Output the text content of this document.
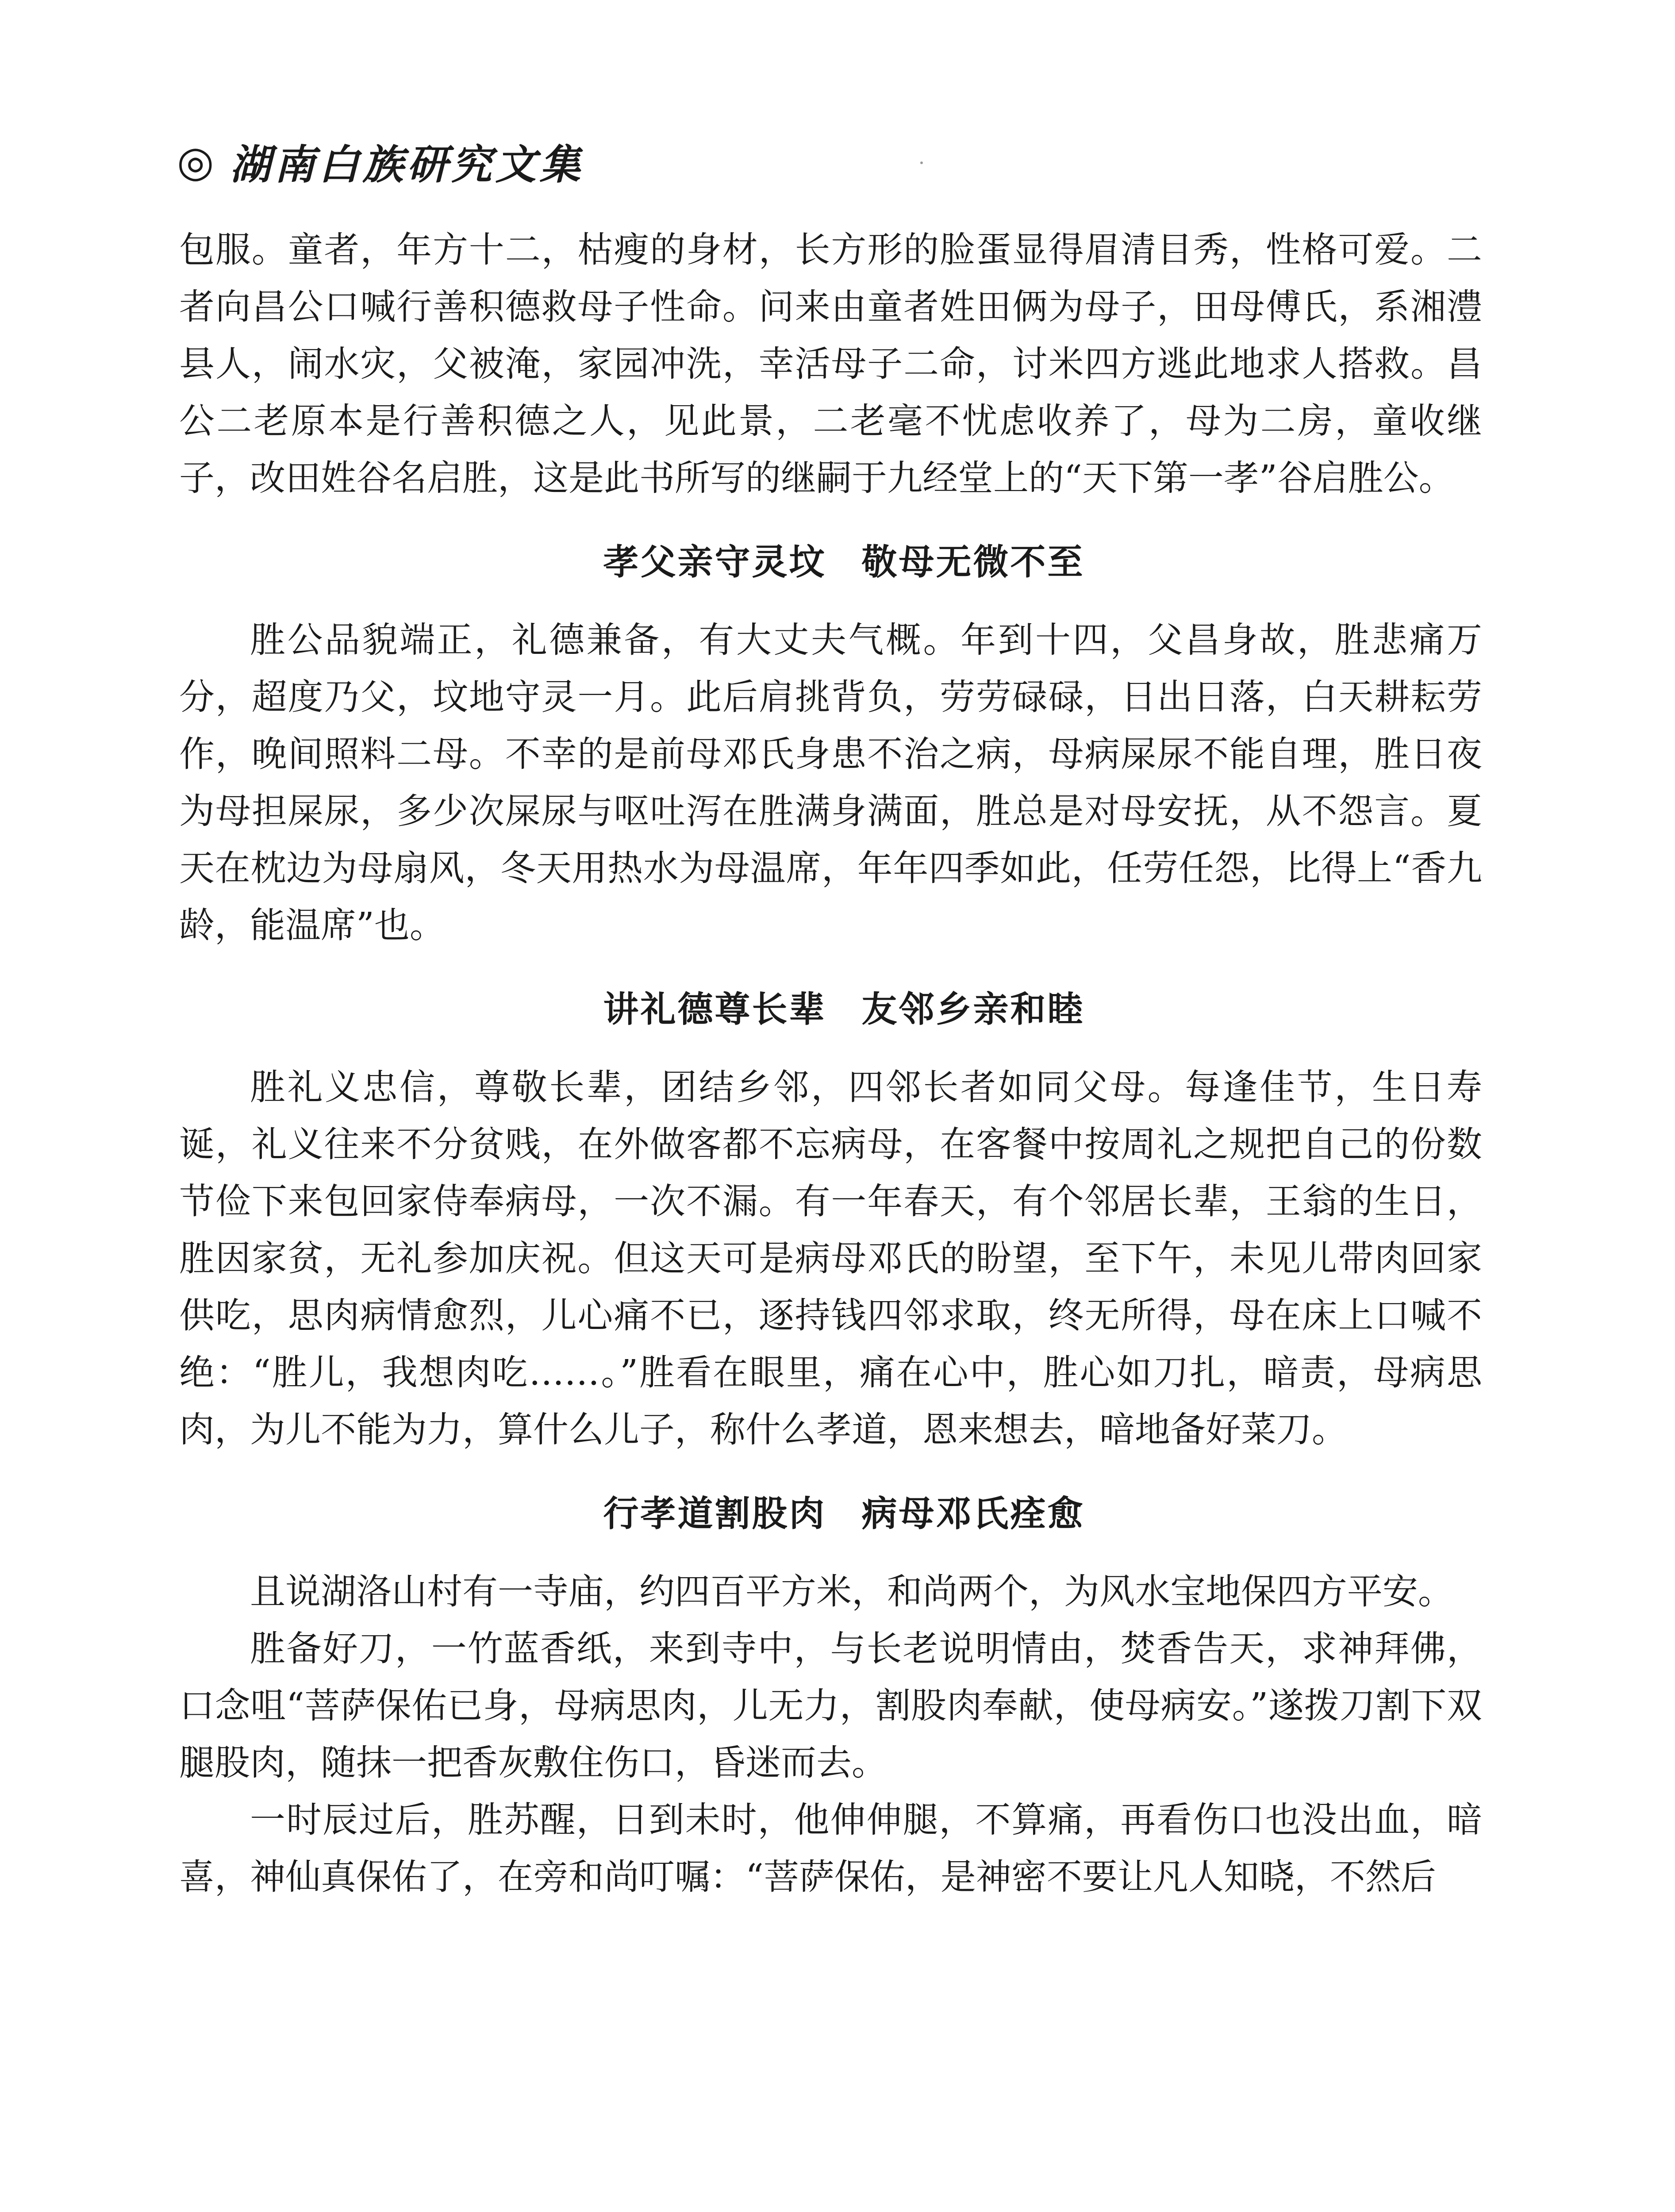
◎ 湖南白族研究文集

包服。童者，年方十二，枯瘦的身材，长方形的脸蛋显得眉清目秀，性格可爱。二者向昌公口喊行善积德救母子性命。问来由童者姓田俩为母子，田母傅氏，系湘澧县人，闹水灾，父被淹，家园冲洗，幸活母子二命，讨米四方逃此地求人搭救。昌公二老原本是行善积德之人，见此景，二老毫不忧虑收养了，母为二房，童收继子，改田姓谷名启胜，这是此书所写的继嗣于九经堂上的“天下第一孝”谷启胜公。

孝父亲守灵坟 敬母无微不至

胜公品貌端正，礼德兼备，有大丈夫气概。年到十四，父昌身故，胜悲痛万分，超度乃父，坟地守灵一月。此后肩挑背负，劳劳碌碌，日出日落，白天耕耘劳作，晚间照料二母。不幸的是前母邓氏身患不治之病，母病屎尿不能自理，胜日夜为母担屎尿，多少次屎尿与呕吐泻在胜满身满面，胜总是对母安抚，从不怨言。夏天在枕边为母扇风，冬天用热水为母温席，年年四季如此，任劳任怨，比得上“香九龄，能温席”也。

讲礼德尊长辈 友邻乡亲和睦

胜礼义忠信，尊敬长辈，团结乡邻，四邻长者如同父母。每逢佳节，生日寿诞，礼义往来不分贫贱，在外做客都不忘病母，在客餐中按周礼之规把自己的份数节俭下来包回家侍奉病母，一次不漏。有一年春天，有个邻居长辈，王翁的生日，胜因家贫，无礼参加庆祝。但这天可是病母邓氏的盼望，至下午，未见儿带肉回家供吃，思肉病情愈烈，儿心痛不已，逐持钱四邻求取，终无所得，母在床上口喊不绝：“胜儿，我想肉吃……。”胜看在眼里，痛在心中，胜心如刀扎，暗责，母病思肉，为儿不能为力，算什么儿子，称什么孝道，恩来想去，暗地备好菜刀。

行孝道割股肉 病母邓氏痊愈

且说湖洛山村有一寺庙，约四百平方米，和尚两个，为风水宝地保四方平安。

胜备好刀，一竹蓝香纸，来到寺中，与长老说明情由，焚香告天，求神拜佛，口念咀“菩萨保佑已身，母病思肉，儿无力，割股肉奉献，使母病安。”遂拨刀割下双腿股肉，随抹一把香灰敷住伤口，昏迷而去。

一时辰过后，胜苏醒，日到未时，他伸伸腿，不算痛，再看伤口也没出血，暗喜，神仙真保佑了，在旁和尚叮嘱：“菩萨保佑，是神密不要让凡人知晓，不然后
